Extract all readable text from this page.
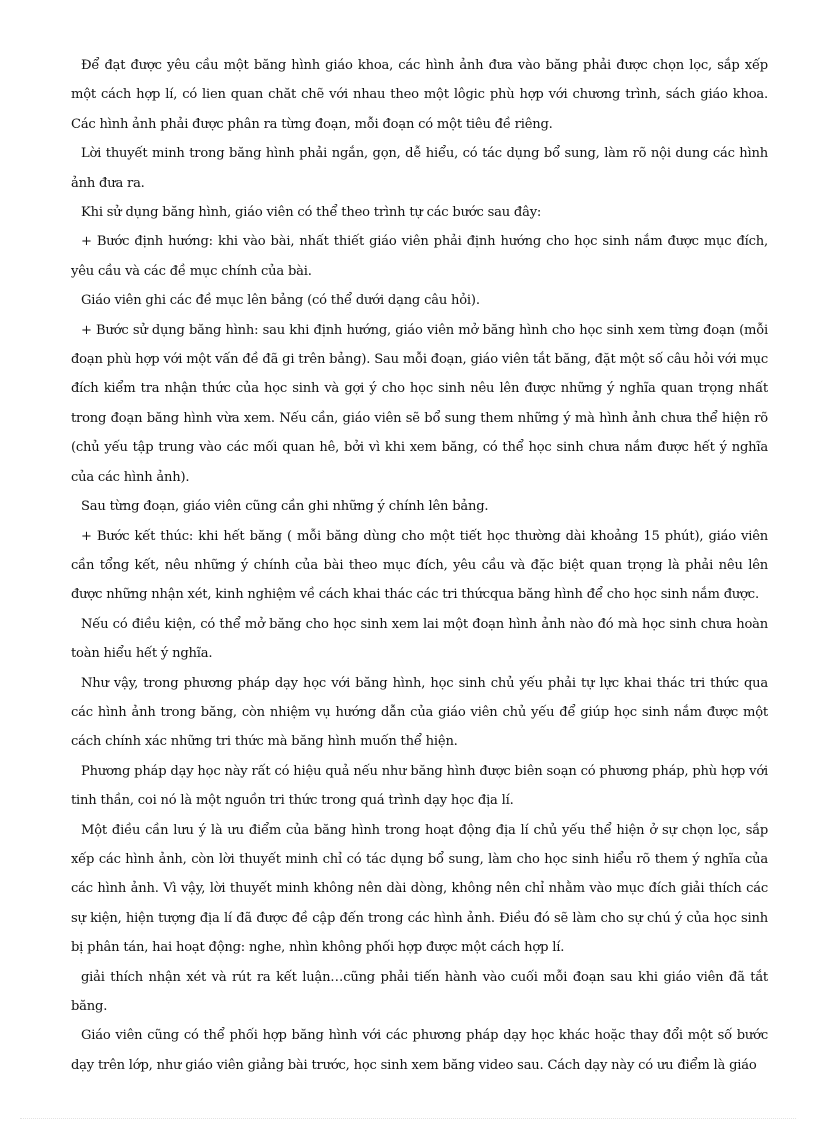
Để đạt được yêu cầu một băng hình giáo khoa, các hình ảnh đưa vào băng phải được chọn lọc, sắp xếp một cách hợp lí, có lien quan chăt chẽ với nhau theo một lôgic phù hợp với chương trình, sách giáo khoa. Các hình ảnh phải được phân ra từng đoạn, mỗi đoạn có một tiêu đề riêng.

Lời thuyết minh trong băng hình phải ngắn, gọn, dễ hiểu, có tác dụng bổ sung, làm rõ nội dung các hình ảnh đưa ra.

Khi sử dụng băng hình, giáo viên có thể theo trình tự các bước sau đây:

+ Bước định hướng: khi vào bài, nhất thiết giáo viên phải định hướng cho học sinh nắm được mục đích, yêu cầu và các đề mục chính của bài.

Giáo viên ghi các đề mục lên bảng (có thể dưới dạng câu hỏi).

+ Bước sử dụng băng hình: sau khi định hướng, giáo viên mở băng hình cho học sinh xem từng đoạn (mỗi đoạn phù hợp với một vấn đề đã gi trên bảng). Sau mỗi đoạn, giáo viên tắt băng, đặt một số câu hỏi với mục đích kiểm tra nhận thức của học sinh và gợi ý cho học sinh nêu lên được những ý nghĩa quan trọng nhất trong đoạn băng hình vừa xem. Nếu cần, giáo viên sẽ bổ sung them những ý mà hình ảnh chưa thể hiện rõ (chủ yếu tập trung vào các mối quan hê, bởi vì khi xem băng, có thể học sinh chưa nắm được hết ý nghĩa của các hình ảnh).

Sau từng đoạn, giáo viên cũng cần ghi những ý chính lên bảng.

+ Bước kết thúc: khi hết băng ( mỗi băng dùng cho một tiết học thường dài khoảng 15 phút), giáo viên cần tổng kết, nêu những ý chính của bài theo mục đích, yêu cầu và đặc biệt quan trọng là phải nêu lên được những nhận xét, kinh nghiệm về cách khai thác các tri thứcqua băng hình để cho học sinh nắm được.

Nếu có điều kiện, có thể mở băng cho học sinh xem lai một đoạn hình ảnh nào đó mà học sinh chưa hoàn toàn hiểu hết ý nghĩa.

Như vậy, trong phương pháp dạy học với băng hình, học sinh chủ yếu phải tự lực khai thác tri thức qua các hình ảnh trong băng, còn nhiệm vụ hướng dẫn của giáo viên chủ yếu để giúp học sinh nắm được một cách chính xác những tri thức mà băng hình muốn thể hiện.

Phương pháp dạy học này rất có hiệu quả nếu như băng hình được biên soạn có phương pháp, phù hợp với tinh thần, coi nó là một nguồn tri thức trong quá trình dạy học địa lí.

Một điều cần lưu ý là ưu điểm của băng hình trong hoạt động địa lí chủ yếu thể hiện ở sự chọn lọc, sắp xếp các hình ảnh, còn lời thuyết minh chỉ có tác dụng bổ sung, làm cho học sinh hiểu rõ them ý nghĩa của các hình ảnh. Vì vậy, lời thuyết minh không nên dài dòng, không nên chỉ nhằm vào mục đích giải thích các sự kiện, hiện tượng địa lí đã được đề cập đến trong các hình ảnh. Điều đó sẽ làm cho sự chú ý của học sinh bị phân tán, hai hoạt động: nghe, nhìn không phối hợp được một cách hợp lí.

giải thích nhận xét và rút ra kết luận…cũng phải tiến hành vào cuối mỗi đoạn sau khi giáo viên đã tắt băng.

Giáo viên cũng có thể phối hợp băng hình với các phương pháp dạy học khác hoặc thay đổi một số bước dạy trên lớp, như giáo viên giảng bài trước, học sinh xem băng video sau. Cách dạy này có ưu điểm là giáo
